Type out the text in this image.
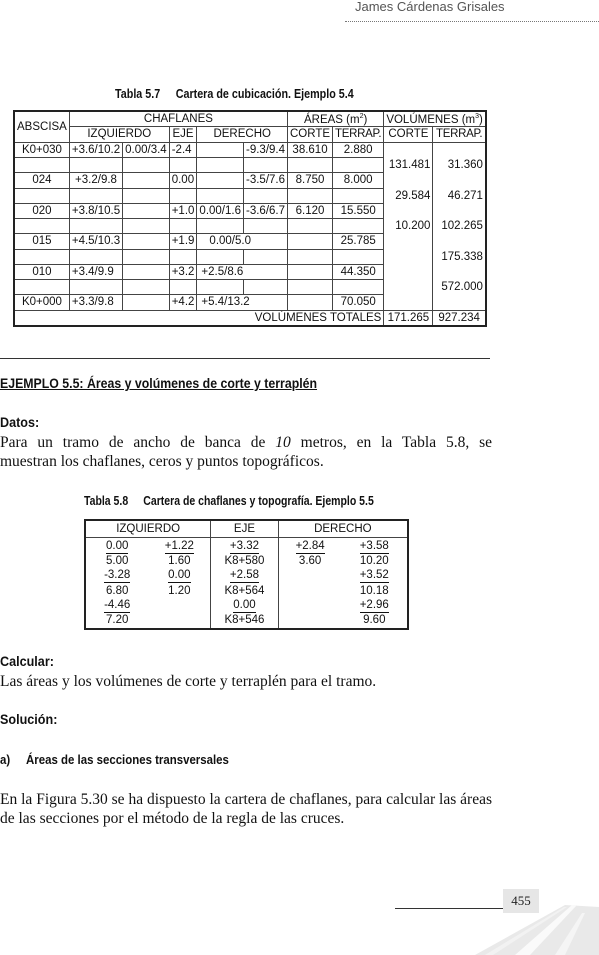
James Cárdenas Grisales
Tabla 5.7 Cartera de cubicación. Ejemplo 5.4
ABSCISA	CHAFLANES					ÁREAS $(m^2)$		VOLÚMENES $(m^3)$	
	IZQUIERDO		EJE	DERECHO		CORTE	TERRAP.	CORTE	TERRAP.
K0+030	+3.6/10.2	0.00/3.4	-2.4		-9.3/9.4	38.610	2.880		
								131.481	31.360
024	+3.2/9.8		0.00		-3.5/7.6	8.750	8.000		
								29.584	46.271
020	+3.8/10.5		+1.0	0.00/1.6	-3.6/6.7	6.120	15.550		
								10.200	102.265
015	+4.5/10.3		+1.9	0.00/5.0			25.785		
									175.338
010	+3.4/9.9		+3.2	+2.5/8.6			44.350		
									572.000
K0+000	+3.3/9.8		+4.2	+5.4/13.2			70.050		
VOLÚMENES TOTALES								171.265	927.234
EJEMPLO 5.5: Áreas y volúmenes de corte y terraplén
Datos:
Para un tramo de ancho de banca de 10 metros, en la Tabla 5.8, se
muestran los chaflanes, ceros y puntos topográficos.
Tabla 5.8 Cartera de chaflanes y topografía. Ejemplo 5.5
IZQUIERDO		EJE	DERECHO	
0.00	+1.22	+3.32	+2.84	+3.58
5.00	1.60	K8+580	3.60	10.20
-3.28	0.00	+2.58		+3.52
6.80	1.20	K8+564		10.18
-4.46		0.00		+2.96
7.20		K8+546		9.60
Calcular:
Las áreas y los volúmenes de corte y terraplén para el tramo.
Solución:
a) Áreas de las secciones transversales
En la Figura 5.30 se ha dispuesto la cartera de chaflanes, para calcular las áreas de las secciones por el método de la regla de las cruces.
455
